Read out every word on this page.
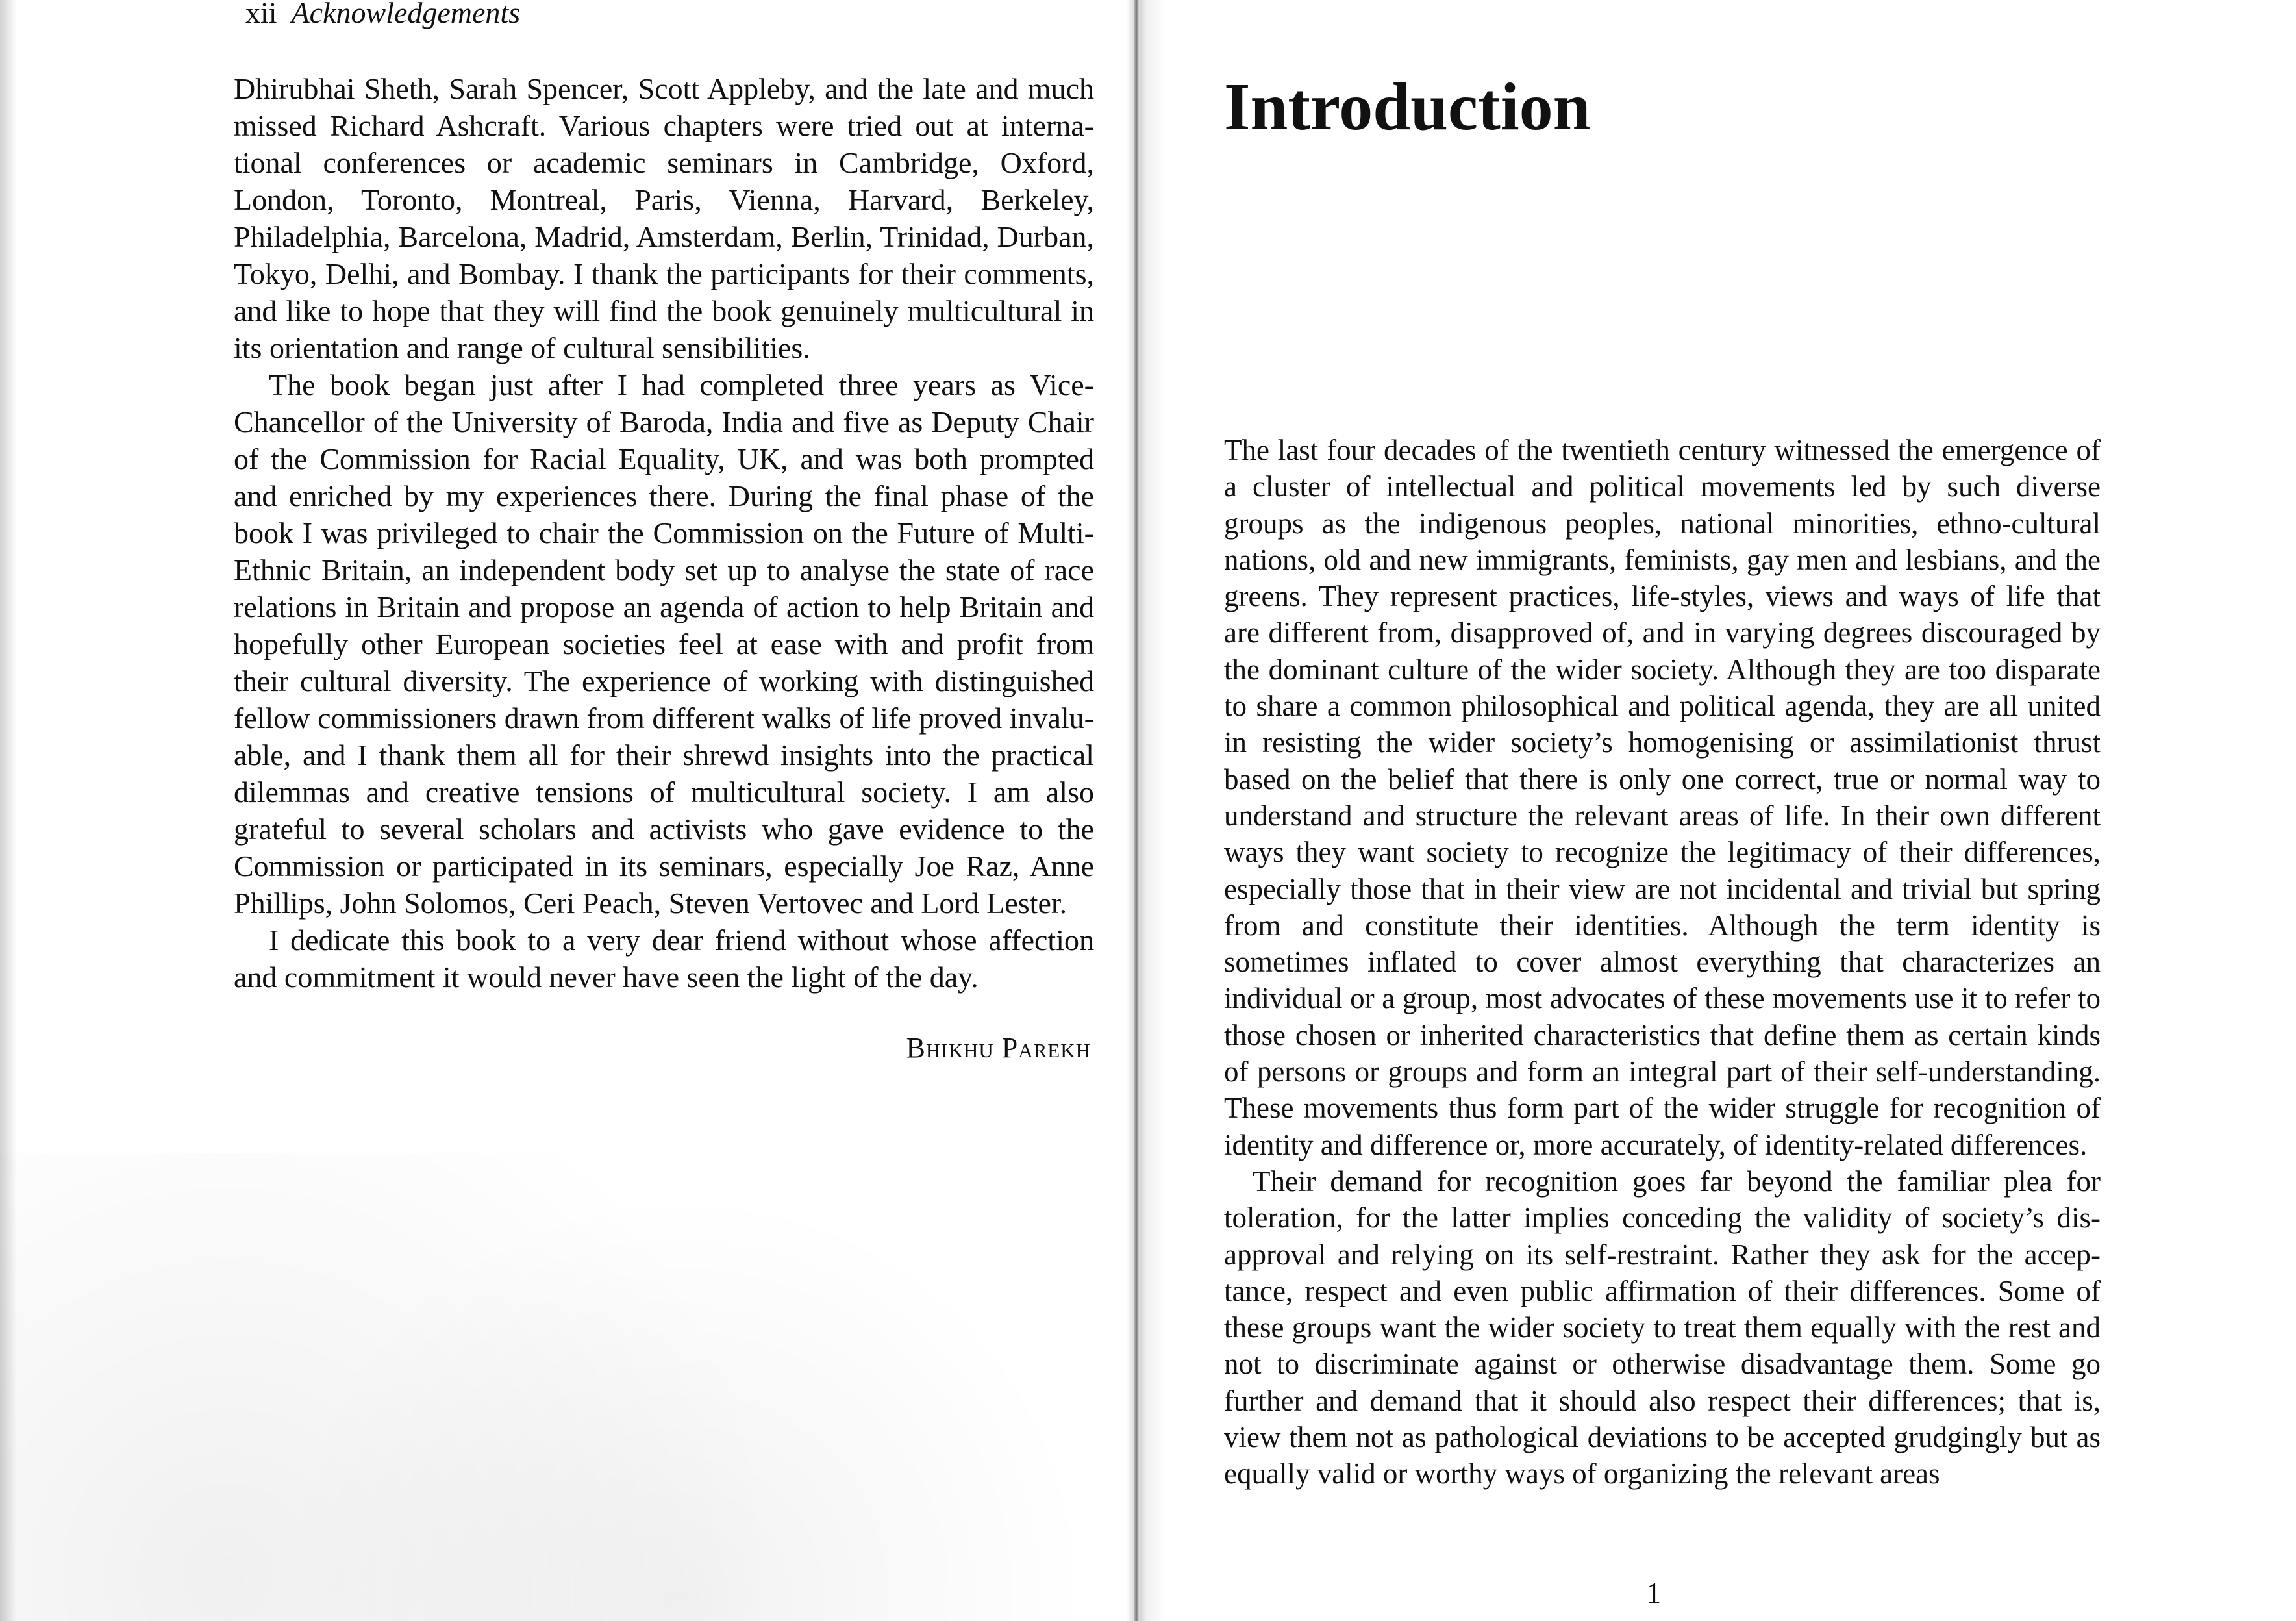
xii Acknowledgements

Dhirubhai Sheth, Sarah Spencer, Scott Appleby, and the late and much missed Richard Ashcraft. Various chapters were tried out at international conferences or academic seminars in Cambridge, Oxford, London, Toronto, Montreal, Paris, Vienna, Harvard, Berkeley, Philadelphia, Barcelona, Madrid, Amsterdam, Berlin, Trinidad, Durban, Tokyo, Delhi, and Bombay. I thank the participants for their comments, and like to hope that they will find the book genuinely multicultural in its orientation and range of cultural sensibilities.

The book began just after I had completed three years as Vice-Chancellor of the University of Baroda, India and five as Deputy Chair of the Commission for Racial Equality, UK, and was both prompted and enriched by my experiences there. During the final phase of the book I was privileged to chair the Commission on the Future of Multi-Ethnic Britain, an independent body set up to analyse the state of race relations in Britain and propose an agenda of action to help Britain and hopefully other European societies feel at ease with and profit from their cultural diversity. The experience of working with distinguished fellow commissioners drawn from different walks of life proved invaluable, and I thank them all for their shrewd insights into the practical dilemmas and creative tensions of multicultural society. I am also grateful to several scholars and activists who gave evidence to the Commission or participated in its seminars, especially Joe Raz, Anne Phillips, John Solomos, Ceri Peach, Steven Vertovec and Lord Lester.

I dedicate this book to a very dear friend without whose affection and commitment it would never have seen the light of the day.

Bhikhu Parekh
Introduction

The last four decades of the twentieth century witnessed the emergence of a cluster of intellectual and political movements led by such diverse groups as the indigenous peoples, national minorities, ethno-cultural nations, old and new immigrants, feminists, gay men and lesbians, and the greens. They represent practices, life-styles, views and ways of life that are different from, disapproved of, and in varying degrees discouraged by the dominant culture of the wider society. Although they are too disparate to share a common philosophical and political agenda, they are all united in resisting the wider society’s homogenising or assimilationist thrust based on the belief that there is only one correct, true or normal way to understand and structure the relevant areas of life. In their own different ways they want society to recognize the legitimacy of their differences, especially those that in their view are not incidental and trivial but spring from and constitute their identities. Although the term identity is sometimes inflated to cover almost everything that characterizes an individual or a group, most advocates of these movements use it to refer to those chosen or inherited characteristics that define them as certain kinds of persons or groups and form an integral part of their self-understanding. These movements thus form part of the wider struggle for recognition of identity and difference or, more accurately, of identity-related differences.

Their demand for recognition goes far beyond the familiar plea for toleration, for the latter implies conceding the validity of society’s disapproval and relying on its self-restraint. Rather they ask for the acceptance, respect and even public affirmation of their differences. Some of these groups want the wider society to treat them equally with the rest and not to discriminate against or otherwise disadvantage them. Some go further and demand that it should also respect their differences; that is, view them not as pathological deviations to be accepted grudgingly but as equally valid or worthy ways of organizing the relevant areas

1
